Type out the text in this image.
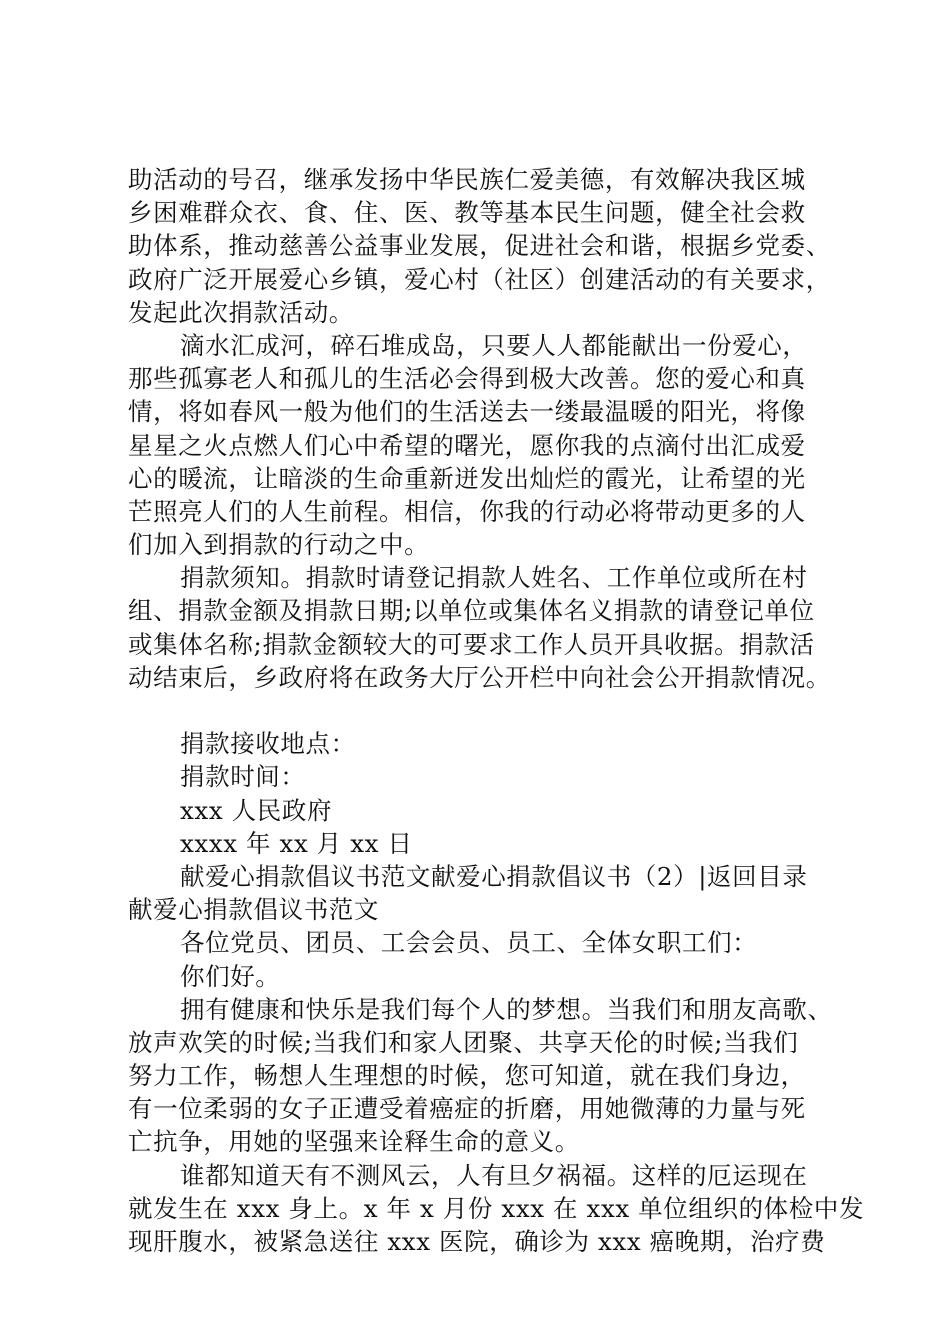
助活动的号召，继承发扬中华民族仁爱美德，有效解决我区城
乡困难群众衣、食、住、医、教等基本民生问题，健全社会救
助体系，推动慈善公益事业发展，促进社会和谐，根据乡党委、
政府广泛开展爱心乡镇，爱心村（社区）创建活动的有关要求，
发起此次捐款活动。
滴水汇成河，碎石堆成岛，只要人人都能献出一份爱心，
那些孤寡老人和孤儿的生活必会得到极大改善。您的爱心和真
情，将如春风一般为他们的生活送去一缕最温暖的阳光，将像
星星之火点燃人们心中希望的曙光，愿你我的点滴付出汇成爱
心的暖流，让暗淡的生命重新迸发出灿烂的霞光，让希望的光
芒照亮人们的人生前程。相信，你我的行动必将带动更多的人
们加入到捐款的行动之中。
捐款须知。捐款时请登记捐款人姓名、工作单位或所在村
组、捐款金额及捐款日期;以单位或集体名义捐款的请登记单位
或集体名称;捐款金额较大的可要求工作人员开具收据。捐款活
动结束后，乡政府将在政务大厅公开栏中向社会公开捐款情况。
捐款接收地点：
捐款时间：
xxx 人民政府
xxxx 年 xx 月 xx 日
献爱心捐款倡议书范文献爱心捐款倡议书（2）|返回目录
献爱心捐款倡议书范文
各位党员、团员、工会会员、员工、全体女职工们：
你们好。
拥有健康和快乐是我们每个人的梦想。当我们和朋友高歌、
放声欢笑的时候;当我们和家人团聚、共享天伦的时候;当我们
努力工作，畅想人生理想的时候，您可知道，就在我们身边，
有一位柔弱的女子正遭受着癌症的折磨，用她微薄的力量与死
亡抗争，用她的坚强来诠释生命的意义。
谁都知道天有不测风云，人有旦夕祸福。这样的厄运现在
就发生在 xxx 身上。x 年 x 月份 xxx 在 xxx 单位组织的体检中发
现肝腹水，被紧急送往 xxx 医院，确诊为 xxx 癌晚期，治疗费
